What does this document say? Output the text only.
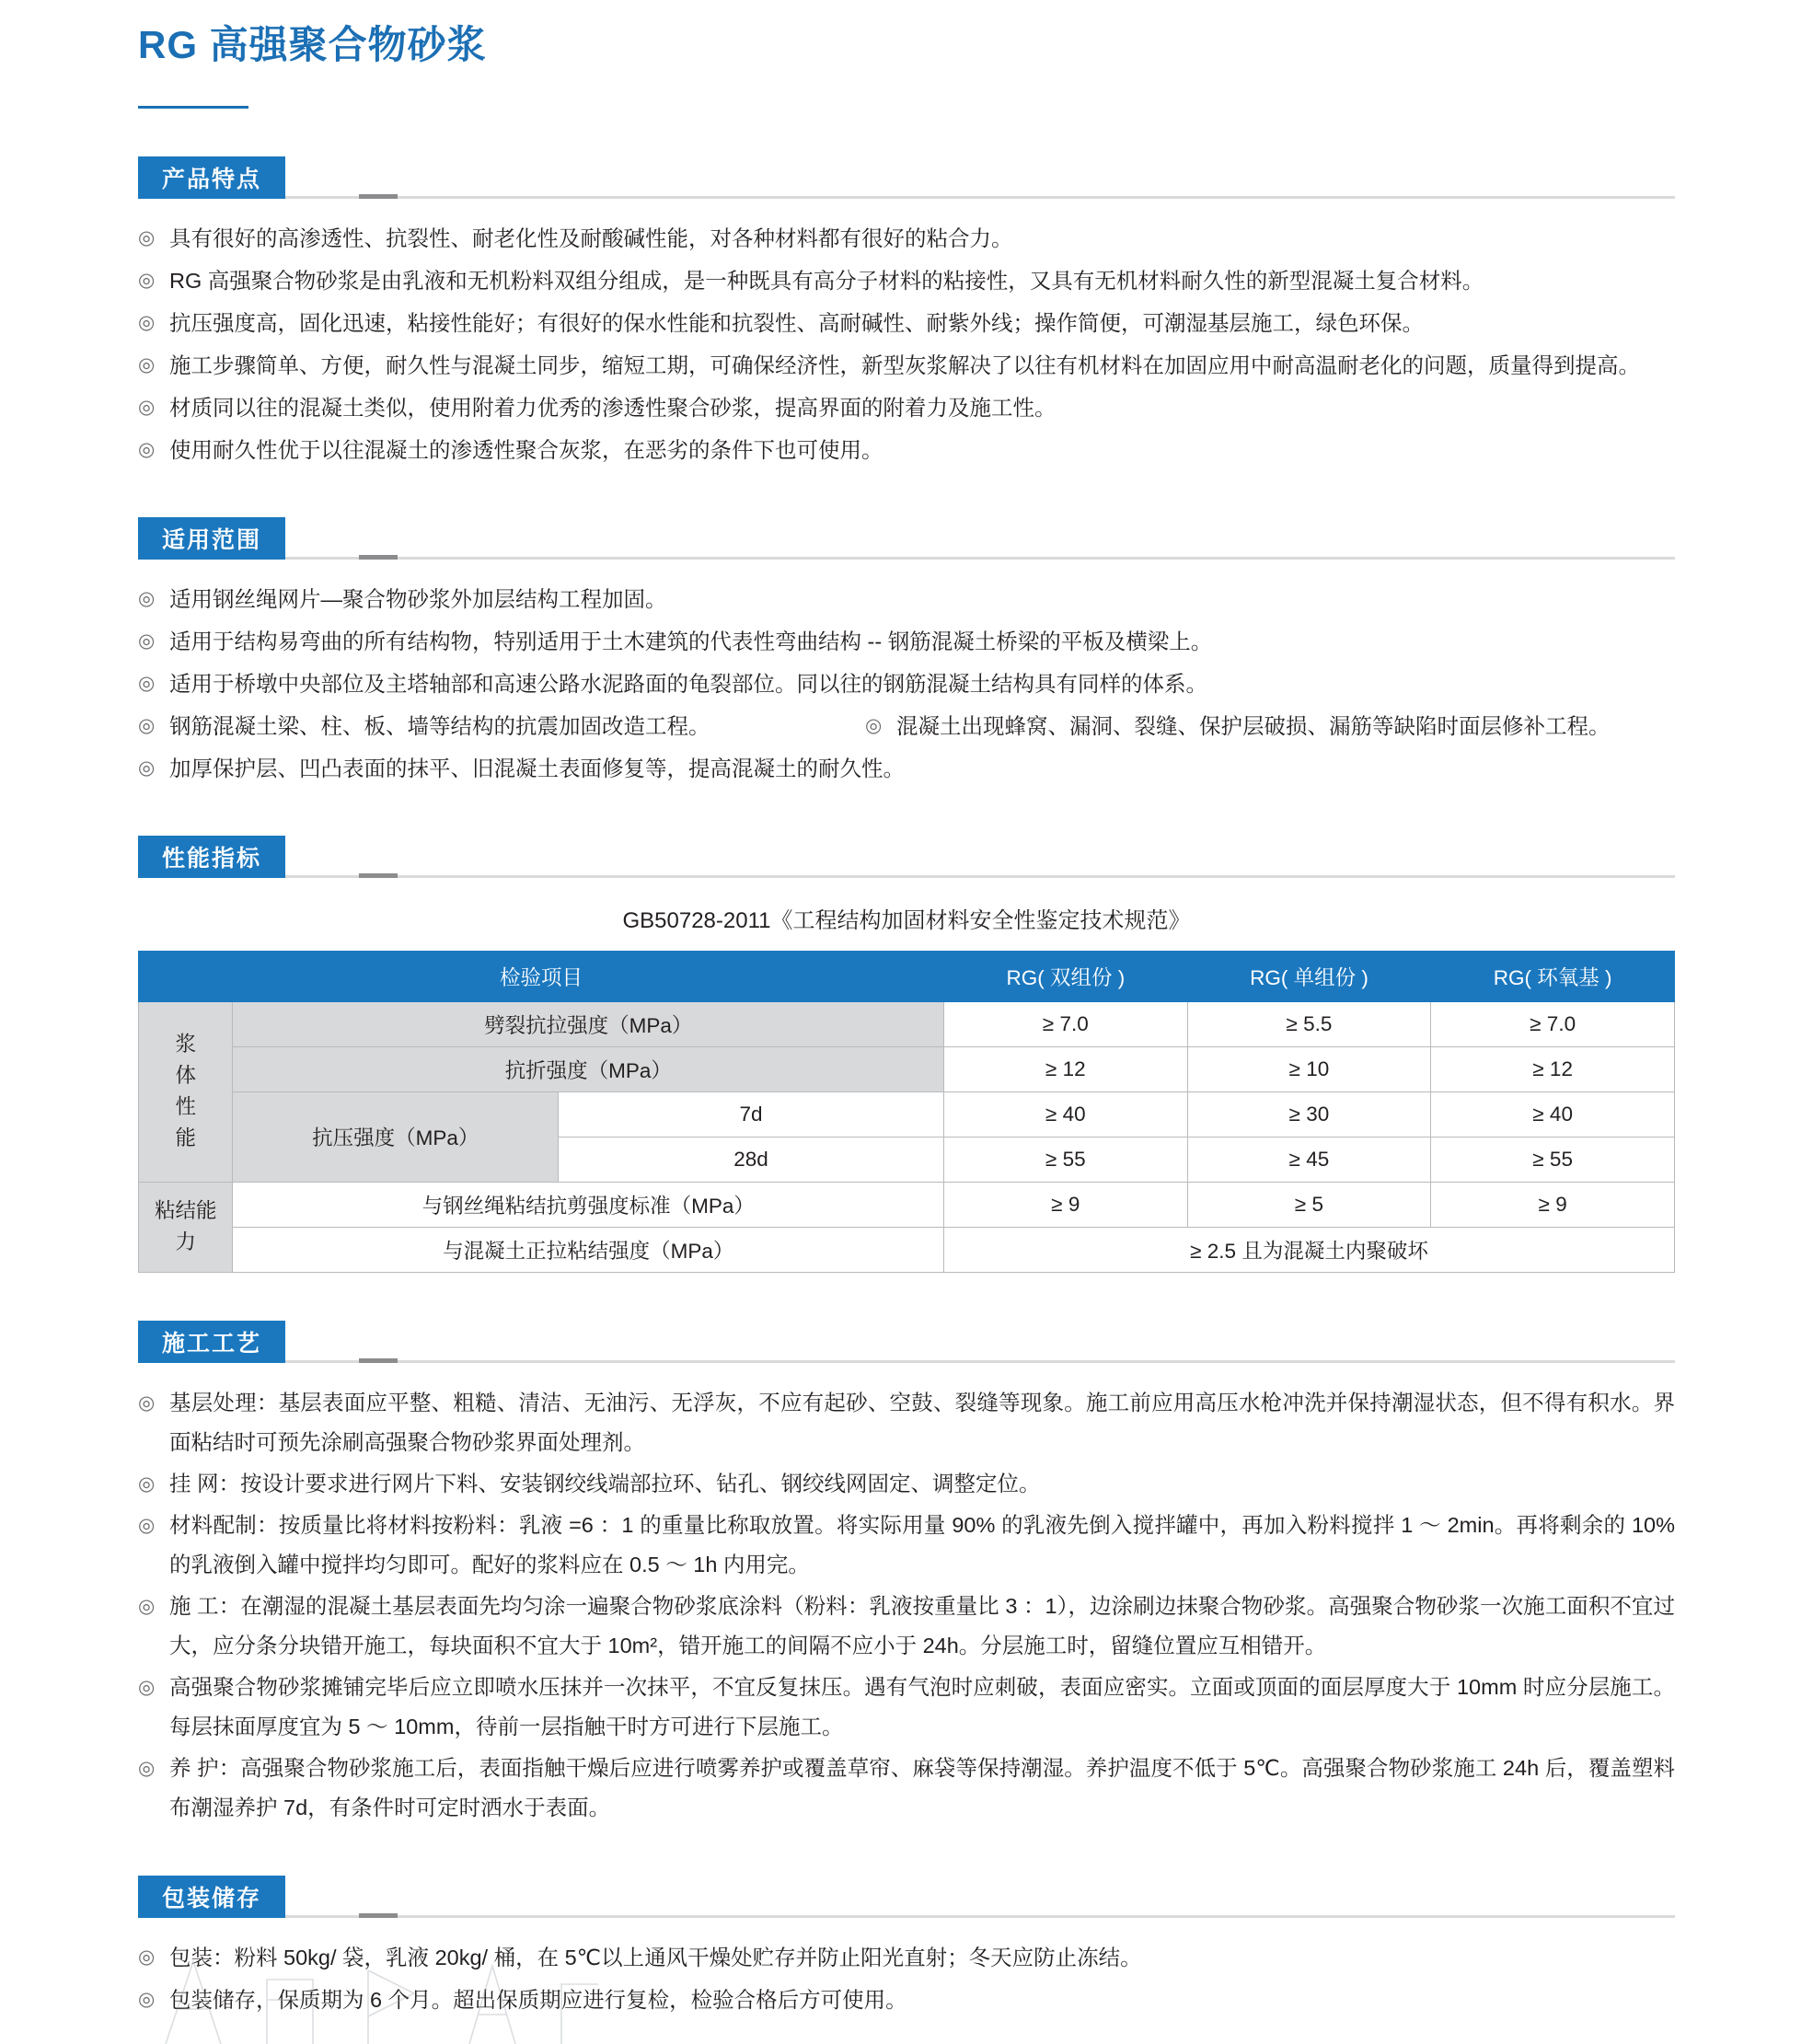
RG 高强聚合物砂浆
产品特点
◎ 具有很好的高渗透性、抗裂性、耐老化性及耐酸碱性能，对各种材料都有很好的粘合力。
◎ RG 高强聚合物砂浆是由乳液和无机粉料双组分组成，是一种既具有高分子材料的粘接性，又具有无机材料耐久性的新型混凝土复合材料。
◎ 抗压强度高，固化迅速，粘接性能好；有很好的保水性能和抗裂性、高耐碱性、耐紫外线；操作简便，可潮湿基层施工，绿色环保。
◎ 施工步骤简单、方便，耐久性与混凝土同步，缩短工期，可确保经济性，新型灰浆解决了以往有机材料在加固应用中耐高温耐老化的问题，质量得到提高。
◎ 材质同以往的混凝土类似，使用附着力优秀的渗透性聚合砂浆，提高界面的附着力及施工性。
◎ 使用耐久性优于以往混凝土的渗透性聚合灰浆，在恶劣的条件下也可使用。
适用范围
◎ 适用钢丝绳网片—聚合物砂浆外加层结构工程加固。
◎ 适用于结构易弯曲的所有结构物，特别适用于土木建筑的代表性弯曲结构 -- 钢筋混凝土桥梁的平板及横梁上。
◎ 适用于桥墩中央部位及主塔轴部和高速公路水泥路面的龟裂部位。同以往的钢筋混凝土结构具有同样的体系。
◎ 钢筋混凝土梁、柱、板、墙等结构的抗震加固改造工程。	◎ 混凝土出现蜂窝、漏洞、裂缝、保护层破损、漏筋等缺陷时面层修补工程。
◎ 加厚保护层、凹凸表面的抹平、旧混凝土表面修复等，提高混凝土的耐久性。
性能指标
GB50728-2011《工程结构加固材料安全性鉴定技术规范》
检验项目			RG( 双组份 )	RG( 单组份 )	RG( 环氧基 )
浆
体
性
能	劈裂抗拉强度（MPa）		≥ 7.0	≥ 5.5	≥ 7.0
	抗折强度（MPa）		≥ 12	≥ 10	≥ 12
	抗压强度（MPa）	7d	≥ 40	≥ 30	≥ 40
		28d	≥ 55	≥ 45	≥ 55
粘结能
力	与钢丝绳粘结抗剪强度标准（MPa）		≥ 9	≥ 5	≥ 9
	与混凝土正拉粘结强度（MPa）		≥ 2.5 且为混凝土内聚破坏		
施工工艺
◎ 基层处理：基层表面应平整、粗糙、清洁、无油污、无浮灰，不应有起砂、空鼓、裂缝等现象。施工前应用高压水枪冲洗并保持潮湿状态，但不得有积水。界面粘结时可预先涂刷高强聚合物砂浆界面处理剂。
◎ 挂 网：按设计要求进行网片下料、安装钢绞线端部拉环、钻孔、钢绞线网固定、调整定位。
◎ 材料配制：按质量比将材料按粉料：乳液 =6 ：1 的重量比称取放置。将实际用量 90% 的乳液先倒入搅拌罐中，再加入粉料搅拌 1 ～ 2min。再将剩余的 10% 的乳液倒入罐中搅拌均匀即可。配好的浆料应在 0.5 ～ 1h 内用完。
◎ 施 工：在潮湿的混凝土基层表面先均匀涂一遍聚合物砂浆底涂料（粉料：乳液按重量比 3 ：1），边涂刷边抹聚合物砂浆。高强聚合物砂浆一次施工面积不宜过大，应分条分块错开施工，每块面积不宜大于 10m²，错开施工的间隔不应小于 24h。分层施工时，留缝位置应互相错开。
◎ 高强聚合物砂浆摊铺完毕后应立即喷水压抹并一次抹平，不宜反复抹压。遇有气泡时应刺破，表面应密实。立面或顶面的面层厚度大于 10mm 时应分层施工。每层抹面厚度宜为 5 ～ 10mm，待前一层指触干时方可进行下层施工。
◎ 养 护：高强聚合物砂浆施工后，表面指触干燥后应进行喷雾养护或覆盖草帘、麻袋等保持潮湿。养护温度不低于 5℃。高强聚合物砂浆施工 24h 后，覆盖塑料布潮湿养护 7d，有条件时可定时洒水于表面。
包装储存
◎ 包装：粉料 50kg/ 袋，乳液 20kg/ 桶，在 5℃以上通风干燥处贮存并防止阳光直射；冬天应防止冻结。
◎ 包装储存，保质期为 6 个月。超出保质期应进行复检，检验合格后方可使用。
